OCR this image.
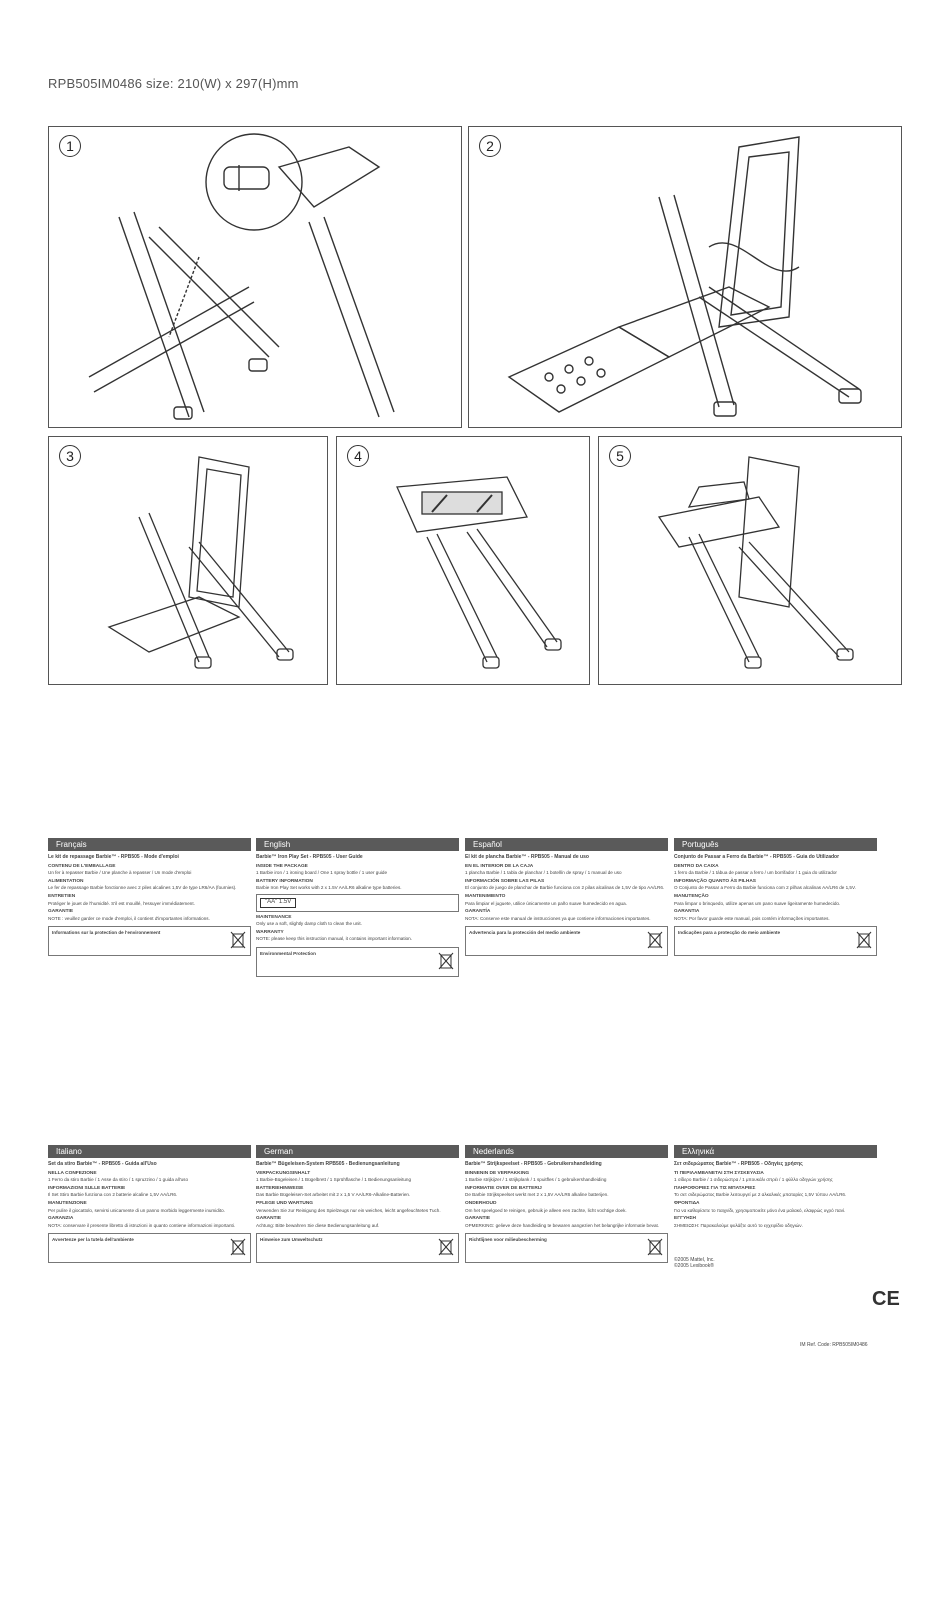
RPB505IM0486 size: 210(W) x 297(H)mm
1	2
3	4	5
Français
Le kit de repassage Barbie™ - RPB505 - Mode d'emploi
CONTENU DE L'EMBALLAGE

Un fer à repasser Barbie / Une planche à repasser / Un mode d'emploi

ALIMENTATION

Le fer de repassage Barbie fonctionne avec 2 piles alcalines 1,5V de type LR6/AA (fournies).

ENTRETIEN

Protéger le jouet de l'humidité. S'il est mouillé, l'essuyer immédiatement.

GARANTIE

NOTE : veuillez garder ce mode d'emploi, il contient d'importantes informations.

Informations sur la protection de l'environnement
English
Barbie™ Iron Play Set - RPB505 - User Guide
INSIDE THE PACKAGE

1 Barbie iron / 1 ironing board / One 1 spray bottle / 1 user guide

BATTERY INFORMATION

Barbie Iron Play Set works with 2 x 1.5V AA/LR6 alkaline type batteries.

"AA" 1.5V
MAINTENANCE

Only use a soft, slightly damp cloth to clean the unit.

WARRANTY

NOTE: please keep this instruction manual, it contains important information.

Environmental Protection
Español
El kit de plancha Barbie™ - RPB505 - Manual de uso
EN EL INTERIOR DE LA CAJA

1 plancha Barbie / 1 tabla de planchar / 1 botellín de spray / 1 manual de uso

INFORMACIÓN SOBRE LAS PILAS

El conjunto de juego de planchar de Barbie funciona con 2 pilas alcalinas de 1,5V de tipo AA/LR6.

MANTENIMIENTO

Para limpiar el juguete, utilice únicamente un paño suave humedecido en agua.

GARANTÍA

NOTA: Conserve este manual de instrucciones ya que contiene informaciones importantes.

Advertencia para la protección del medio ambiente
Português
Conjunto de Passar a Ferro da Barbie™ - RPB505 - Guia do Utilizador
DENTRO DA CAIXA

1 ferro da Barbie / 1 tábua de passar a ferro / um borrifador / 1 guia do utilizador

INFORMAÇÃO QUANTO ÀS PILHAS

O Conjunto de Passar a Ferro da Barbie funciona com 2 pilhas alcalinas AA/LR6 de 1,5V.

MANUTENÇÃO

Para limpar o brinquedo, utilize apenas um pano suave ligeiramente humedecido.

GARANTIA

NOTA: Por favor guarde este manual, pois contém informações importantes.

Indicações para a protecção do meio ambiente
Italiano
Set da stiro Barbie™ - RPB505 - Guida all'Uso
NELLA CONFEZIONE

1 Ferro da stiro Barbie / 1 Asse da stiro / 1 spruzzino / 1 guida all'uso

INFORMAZIONI SULLE BATTERIE

Il Set Stiro Barbie funziona con 2 batterie alcaline 1,5V AA/LR6.

MANUTENZIONE

Per pulire il giocattolo, servirsi unicamente di un panno morbido leggermente inumidito.

GARANZIA

NOTA: conservare il presente libretto di istruzioni in quanto contiene informazioni importanti.

Avvertenze per la tutela dell'ambiente
German
Barbie™ Bügeleisen-System RPB505 - Bedienungsanleitung
VERPACKUNGSINHALT

1 Barbie-Bügeleisen / 1 Bügelbrett / 1 Sprühflasche / 1 Bedienungsanleitung

BATTERIEHINWEISE

Das Barbie Bügeleisen-Set arbeitet mit 2 x 1,5 V AA/LR6-Alkaline-Batterien.

PFLEGE UND WARTUNG

Verwenden Sie zur Reinigung des Spielzeugs nur ein weiches, leicht angefeuchtetes Tuch.

GARANTIE

Achtung: Bitte bewahren Sie diese Bedienungsanleitung auf.

Hinweise zum Umweltschutz
Nederlands
Barbie™ Strijkspeelset - RPB505 - Gebruikershandleiding
BINNENIN DE VERPAKKING

1 Barbie strijkijzer / 1 strijkplank / 1 spuitfles / 1 gebruikershandleiding

INFORMATIE OVER DE BATTERIJ

De Barbie Strijkspeelset werkt met 2 x 1,5V AA/LR6 alkaline batterijen.

ONDERHOUD

Om het speelgoed te reinigen, gebruik je alleen een zachte, licht vochtige doek.

GARANTIE

OPMERKING: gelieve deze handleiding te bewaren aangezien het belangrijke informatie bevat.

Richtlijnen voor milieubescherming
Ελληνικά
Σετ σιδερώματος Barbie™ - RPB505 - Οδηγίες χρήσης
ΤΙ ΠΕΡΙΛΑΜΒΑΝΕΤΑΙ ΣΤΗ ΣΥΣΚΕΥΑΣΙΑ

1 σίδερο Barbie / 1 σιδερώστρα / 1 μπουκάλι σπρέι / 1 φύλλο οδηγιών χρήσης

ΠΛΗΡΟΦΟΡΙΕΣ ΓΙΑ ΤΙΣ ΜΠΑΤΑΡΙΕΣ

Το σετ σιδερώματος Barbie λειτουργεί με 2 αλκαλικές μπαταρίες 1,5V τύπου AA/LR6.

ΦΡΟΝΤΙΔΑ

Για να καθαρίσετε το παιχνίδι, χρησιμοποιείτε μόνο ένα μαλακό, ελαφρώς υγρό πανί.

ΕΓΓΥΗΣΗ

ΣΗΜΕΙΩΣΗ: Παρακαλούμε φυλάξτε αυτό το εγχειρίδιο οδηγιών.

©2005 Mattel, Inc.
©2005 Lexibook®
CE
IM Ref. Code: RPB505IM0486
